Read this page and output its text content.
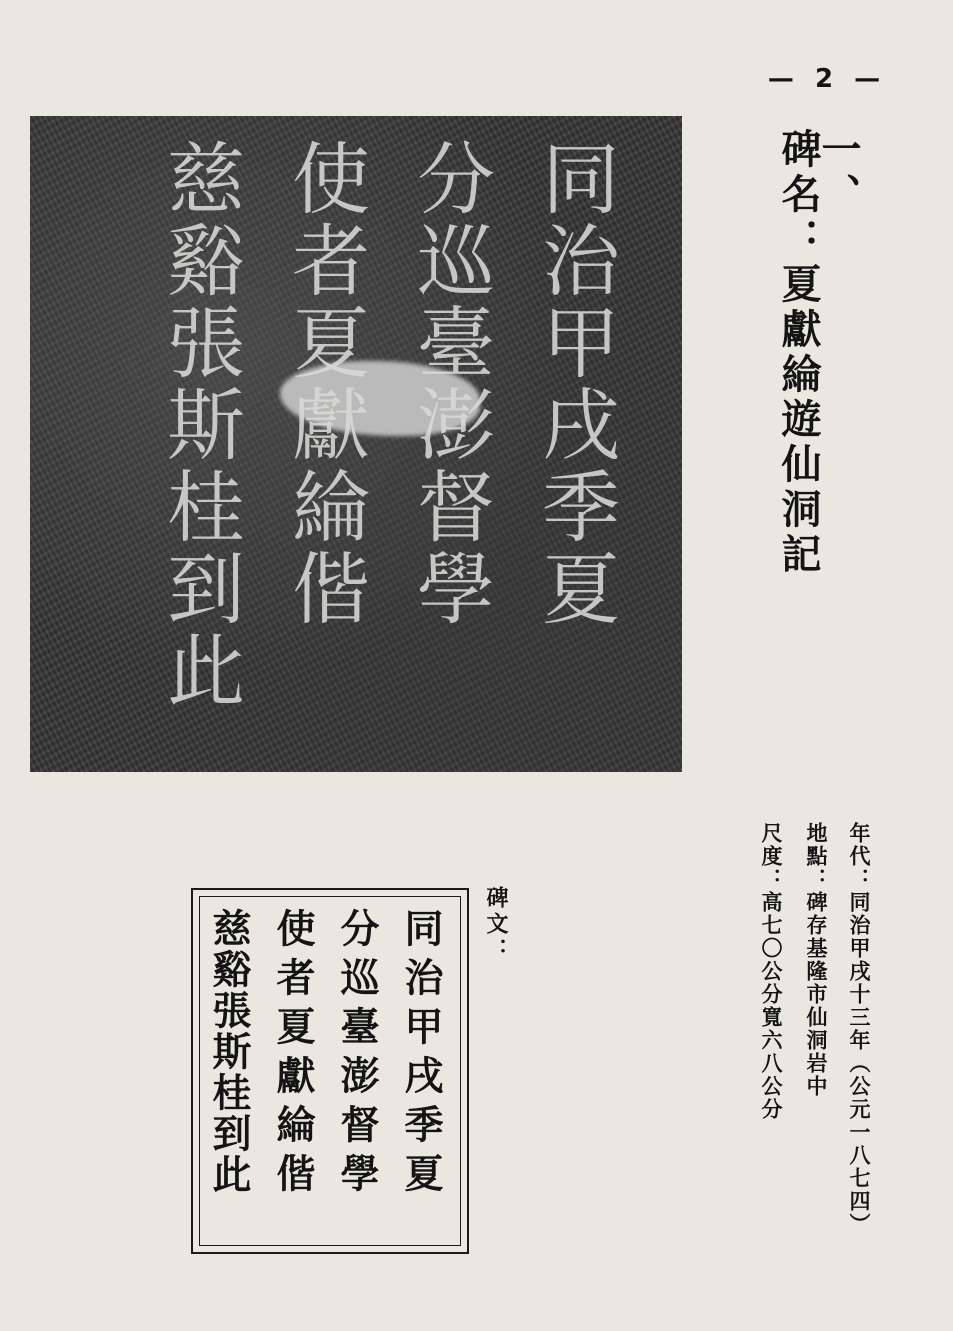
— 2 —
同治甲戌季夏
分巡臺澎督學
使者夏獻綸偕
慈谿張斯桂到此	一、
碑名：夏獻綸遊仙洞記
年代：同治甲戌十三年（公元一八七四）
地點：碑存基隆市仙洞岩中
尺度：高七〇公分寬六八公分
碑文：
同治甲戌季夏
分巡臺澎督學
使者夏獻綸偕
慈谿張斯桂到此
